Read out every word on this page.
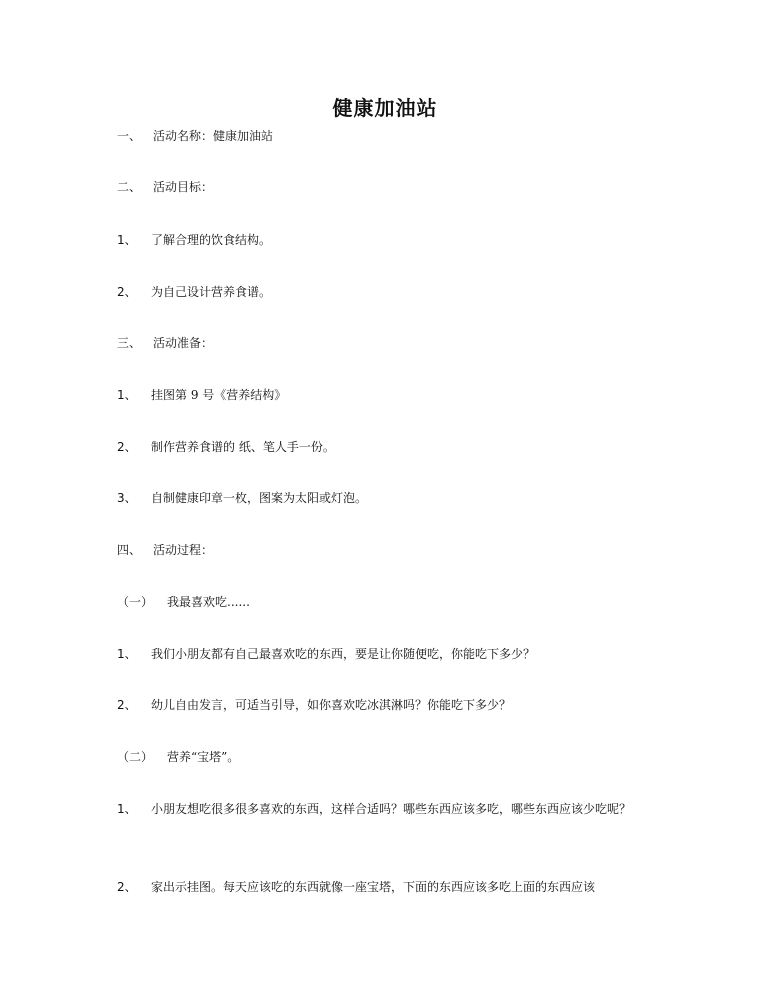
健康加油站
一、 活动名称：健康加油站
二、 活动目标：
1、 了解合理的饮食结构。
2、 为自己设计营养食谱。
三、 活动准备：
1、 挂图第 9 号《营养结构》
2、 制作营养食谱的 纸、笔人手一份。
3、 自制健康印章一枚，图案为太阳或灯泡。
四、 活动过程：
（一） 我最喜欢吃......
1、 我们小朋友都有自己最喜欢吃的东西，要是让你随便吃，你能吃下多少？
2、 幼儿自由发言，可适当引导，如你喜欢吃冰淇淋吗？你能吃下多少？
（二） 营养“宝塔”。
1、 小朋友想吃很多很多喜欢的东西，这样合适吗？哪些东西应该多吃，哪些东西应该少吃呢？
2、 家出示挂图。每天应该吃的东西就像一座宝塔，下面的东西应该多吃上面的东西应该
